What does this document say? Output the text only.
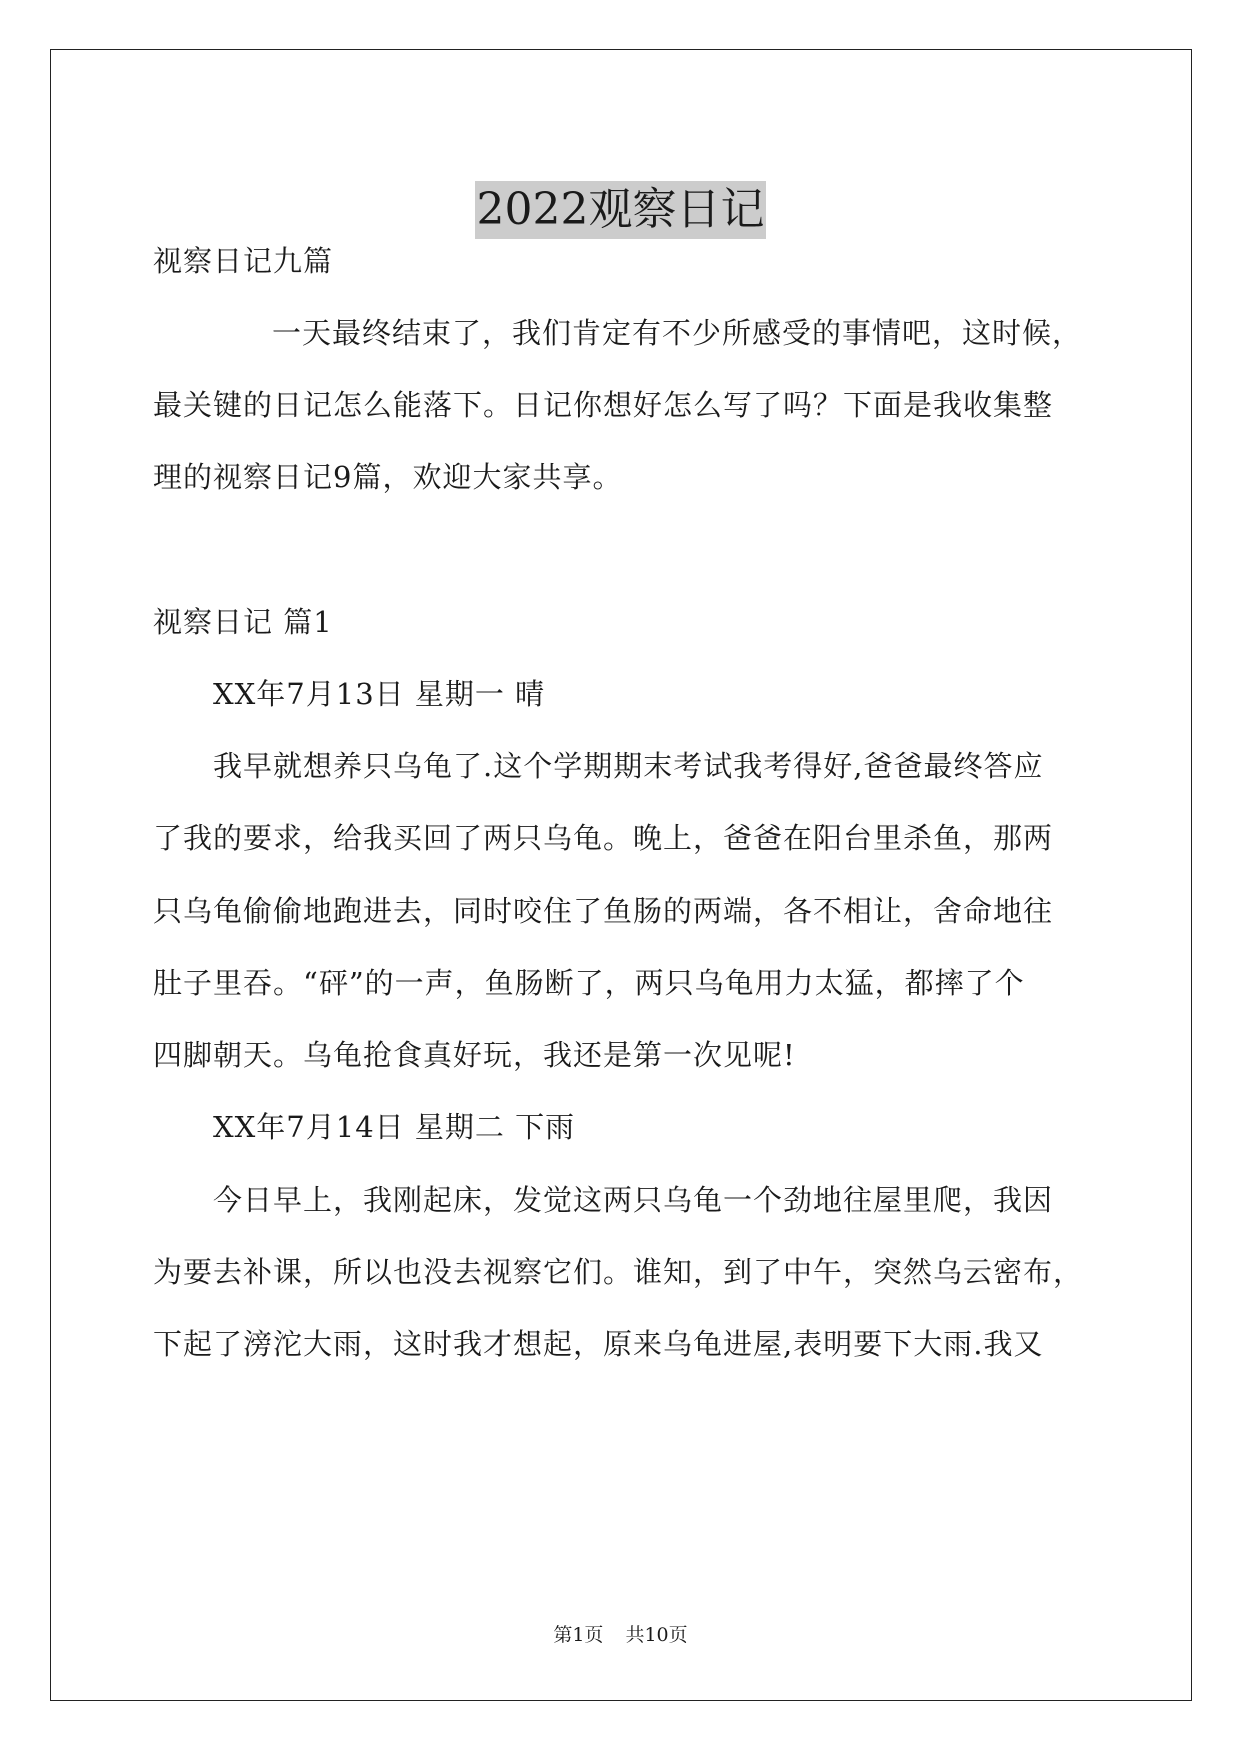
2022观察日记
视察日记九篇
一天最终结束了，我们肯定有不少所感受的事情吧，这时候，
最关键的日记怎么能落下。日记你想好怎么写了吗？下面是我收集整
理的视察日记9篇，欢迎大家共享。
视察日记 篇1
XX年7月13日 星期一 晴
我早就想养只乌龟了.这个学期期末考试我考得好,爸爸最终答应
了我的要求，给我买回了两只乌龟。晚上，爸爸在阳台里杀鱼，那两
只乌龟偷偷地跑进去，同时咬住了鱼肠的两端，各不相让，舍命地往
肚子里吞。“砰”的一声，鱼肠断了，两只乌龟用力太猛，都摔了个
四脚朝天。乌龟抢食真好玩，我还是第一次见呢!
XX年7月14日 星期二 下雨
今日早上，我刚起床，发觉这两只乌龟一个劲地往屋里爬，我因
为要去补课，所以也没去视察它们。谁知，到了中午，突然乌云密布，
下起了滂沱大雨，这时我才想起，原来乌龟进屋,表明要下大雨.我又
第1页 共10页
